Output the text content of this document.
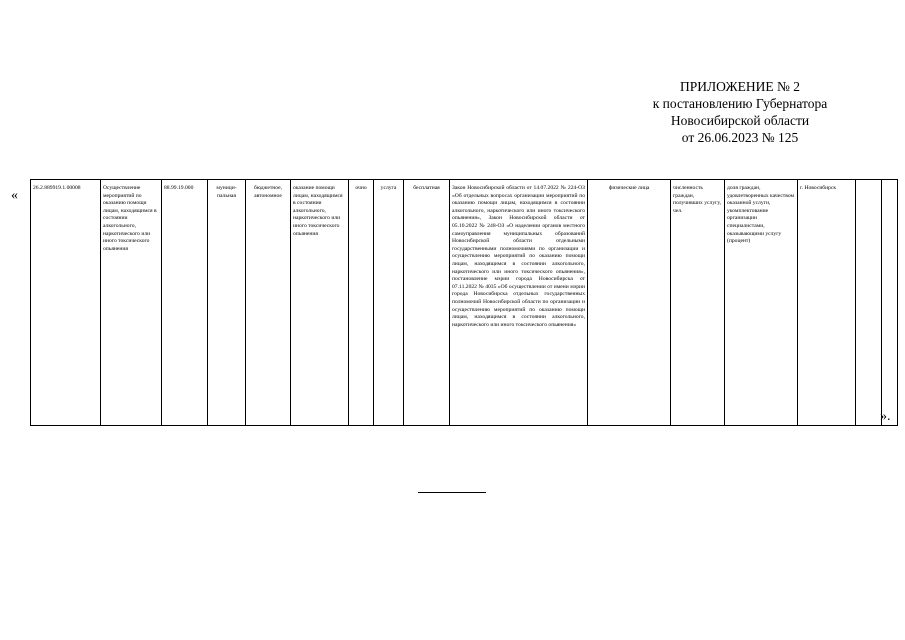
ПРИЛОЖЕНИЕ № 2
к постановлению Губернатора
Новосибирской области
от 26.06.2023 № 125
«	26.2.889919.1.00008	Осуществление мероприятий по оказанию помощи лицам, находящимся в состоянии алкогольного, наркотического или иного токсического опьянения	88.99.19.000	муници-пальная	бюджетное, автономное	оказание помощи лицам, находящимся в состоянии алкогольного, наркотического или иного токсического опьянения	очно	услуга	бесплатная	Закон Новосибирской области от 14.07.2022 № 224-ОЗ «Об отдельных вопросах организации мероприятий по оказанию помощи лицам, находящимся в состоянии алкогольного, наркотического или иного токсического опьянения», Закон Новосибирской области от 05.10.2022 № 248-ОЗ «О наделении органов местного самоуправления муниципальных образований Новосибирской области отдельными государственными полномочиями по организации и осуществлению мероприятий по оказанию помощи лицам, находящимся в состоянии алкогольного, наркотического или иного токсического опьянения», постановление мэрии города Новосибирска от 07.11.2022 № 4035 «Об осуществлении от имени мэрии города Новосибирска отдельных государственных полномочий Новосибирской области по организации и осуществлению мероприятий по оказанию помощи лицам, находящимся в состоянии алкогольного, наркотического или иного токсического опьянения»	физические лица	численность граждан, получивших услугу, чел.	доля граждан, удовлетворенных качеством оказанной услуги, укомплектование организации специалистами, оказывающими услугу (процент)	г. Новосибирск		
».
